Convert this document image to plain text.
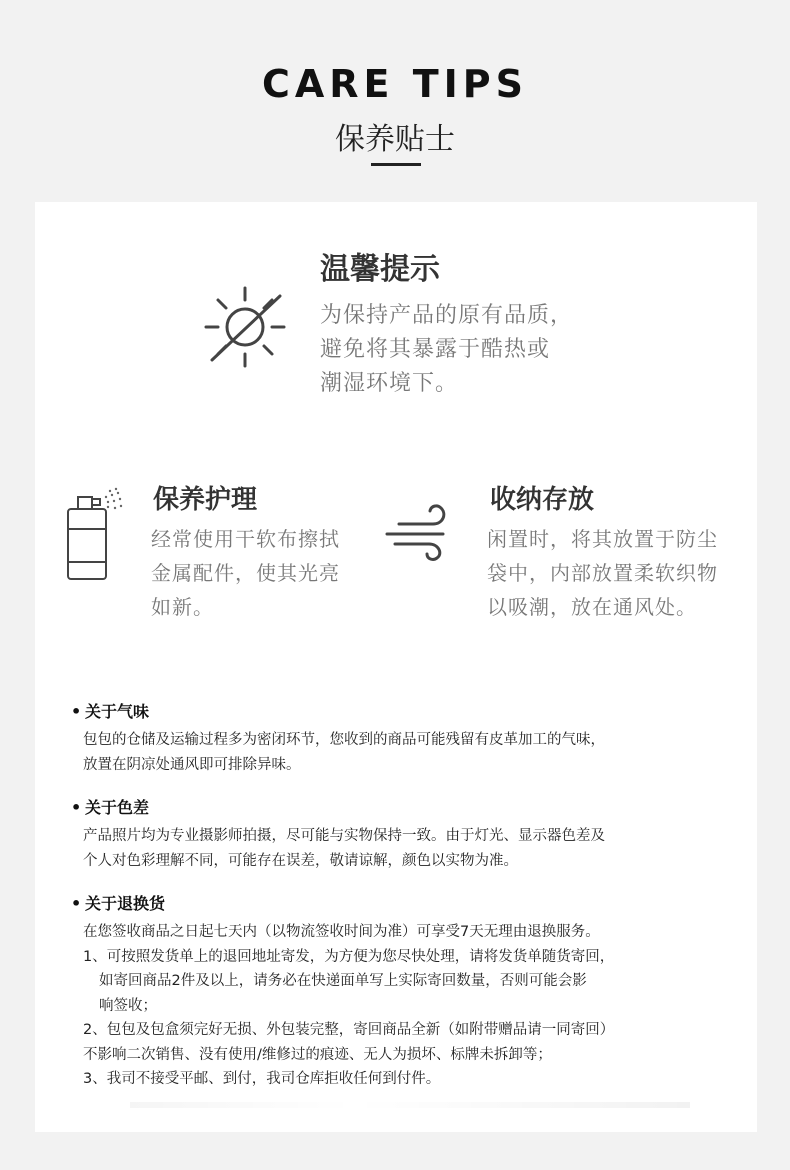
CARE TIPS
保养贴士
温馨提示
为保持产品的原有品质，
避免将其暴露于酷热或
潮湿环境下。
保养护理
经常使用干软布擦拭
金属配件，使其光亮
如新。
收纳存放
闲置时，将其放置于防尘
袋中，内部放置柔软织物
以吸潮，放在通风处。
• 关于气味
包包的仓储及运输过程多为密闭环节，您收到的商品可能残留有皮革加工的气味，
放置在阴凉处通风即可排除异味。
• 关于色差
产品照片均为专业摄影师拍摄，尽可能与实物保持一致。由于灯光、显示器色差及
个人对色彩理解不同，可能存在误差，敬请谅解，颜色以实物为准。
• 关于退换货
在您签收商品之日起七天内（以物流签收时间为准）可享受7天无理由退换服务。
1、可按照发货单上的退回地址寄发，为方便为您尽快处理，请将发货单随货寄回，
如寄回商品2件及以上，请务必在快递面单写上实际寄回数量，否则可能会影
响签收；
2、包包及包盒须完好无损、外包装完整，寄回商品全新（如附带赠品请一同寄回）
不影响二次销售、没有使用/维修过的痕迹、无人为损坏、标牌未拆卸等；
3、我司不接受平邮、到付，我司仓库拒收任何到付件。
